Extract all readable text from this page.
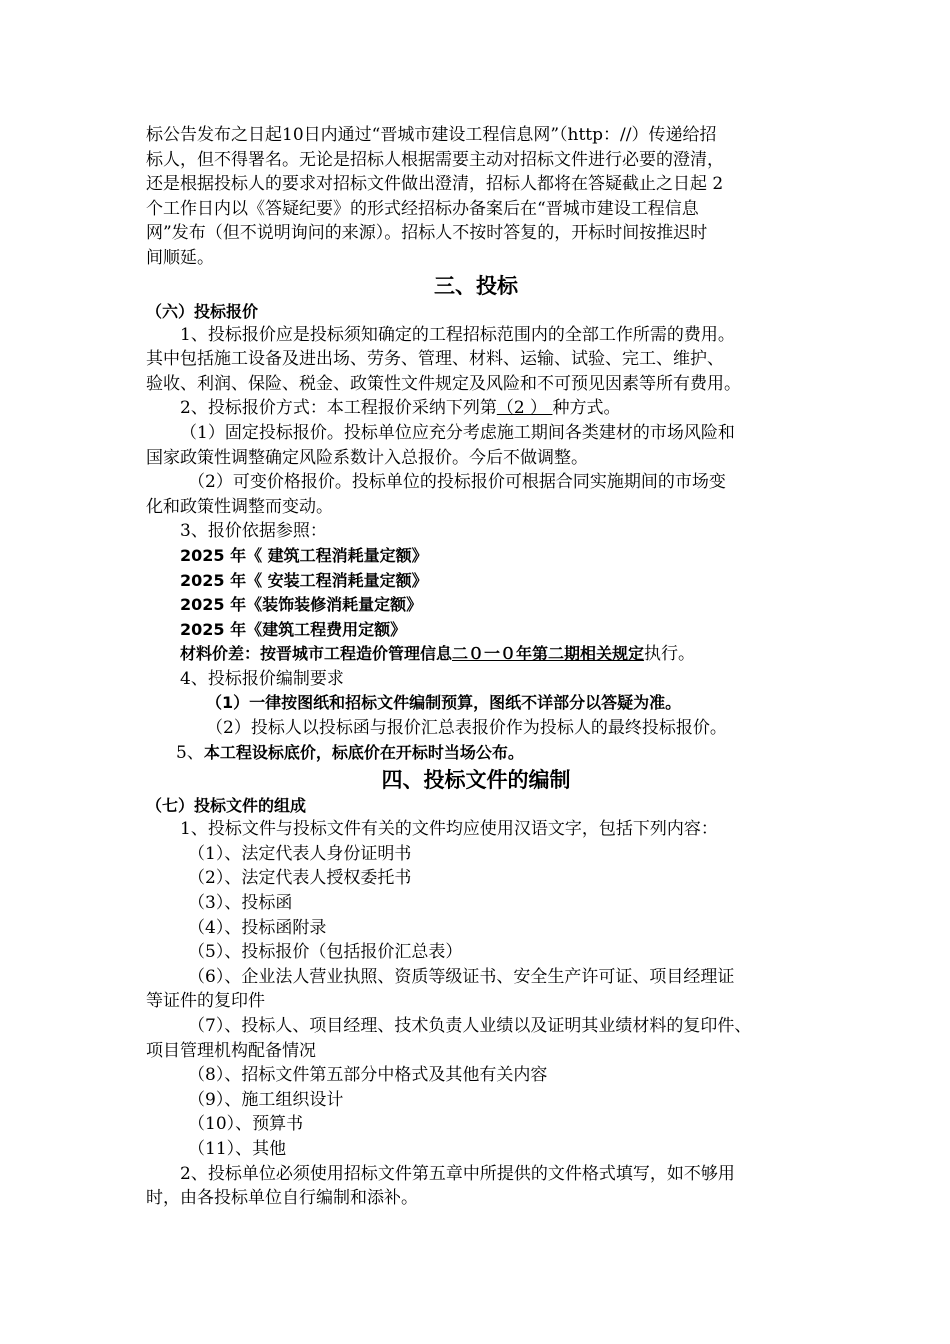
标公告发布之日起10日内通过“晋城市建设工程信息网”（http：//）传递给招

标人，但不得署名。无论是招标人根据需要主动对招标文件进行必要的澄清，

还是根据投标人的要求对招标文件做出澄清，招标人都将在答疑截止之日起 2

个工作日内以《答疑纪要》的形式经招标办备案后在“晋城市建设工程信息

网”发布（但不说明询问的来源）。招标人不按时答复的，开标时间按推迟时

间顺延。

三、投标

（六）投标报价

1、投标报价应是投标须知确定的工程招标范围内的全部工作所需的费用。

其中包括施工设备及进出场、劳务、管理、材料、运输、试验、完工、维护、

验收、利润、保险、税金、政策性文件规定及风险和不可预见因素等所有费用。

2、投标报价方式：本工程报价采纳下列第（2 ） 种方式。

（1）固定投标报价。投标单位应充分考虑施工期间各类建材的市场风险和

国家政策性调整确定风险系数计入总报价。今后不做调整。

（2）可变价格报价。投标单位的投标报价可根据合同实施期间的市场变

化和政策性调整而变动。

3、报价依据参照：

2025 年《 建筑工程消耗量定额》

2025 年《 安装工程消耗量定额》

2025 年《装饰装修消耗量定额》

2025 年《建筑工程费用定额》

材料价差：按晋城市工程造价管理信息二０一０年第二期相关规定执行。

4、投标报价编制要求

（1）一律按图纸和招标文件编制预算，图纸不详部分以答疑为准。

（2）投标人以投标函与报价汇总表报价作为投标人的最终投标报价。

5、本工程设标底价，标底价在开标时当场公布。

四、投标文件的编制

（七）投标文件的组成

1、投标文件与投标文件有关的文件均应使用汉语文字，包括下列内容：

（1）、法定代表人身份证明书

（2）、法定代表人授权委托书

（3）、投标函

（4）、投标函附录

（5）、投标报价（包括报价汇总表）

（6）、企业法人营业执照、资质等级证书、安全生产许可证、项目经理证

等证件的复印件

（7）、投标人、项目经理、技术负责人业绩以及证明其业绩材料的复印件、

项目管理机构配备情况

（8）、招标文件第五部分中格式及其他有关内容

（9）、施工组织设计

（10）、预算书

（11）、其他

2、投标单位必须使用招标文件第五章中所提供的文件格式填写，如不够用

时，由各投标单位自行编制和添补。
